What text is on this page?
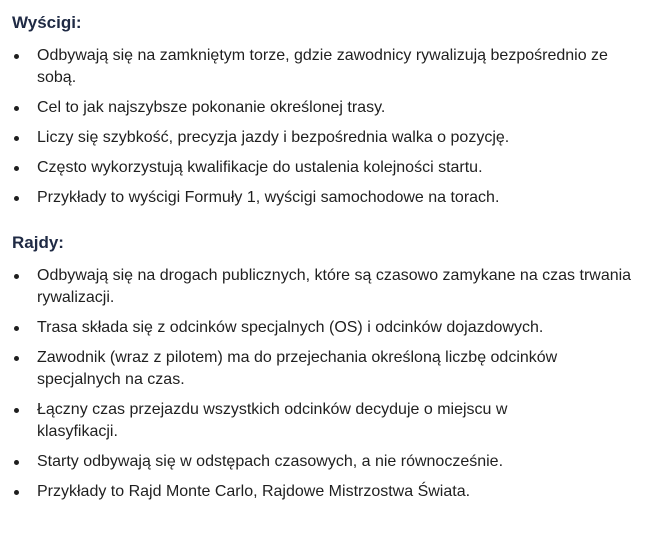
Wyścigi:
Odbywają się na zamkniętym torze, gdzie zawodnicy rywalizują bezpośrednio ze sobą.
Cel to jak najszybsze pokonanie określonej trasy.
Liczy się szybkość, precyzja jazdy i bezpośrednia walka o pozycję.
Często wykorzystują kwalifikacje do ustalenia kolejności startu.
Przykłady to wyścigi Formuły 1, wyścigi samochodowe na torach.
Rajdy:
Odbywają się na drogach publicznych, które są czasowo zamykane na czas trwania rywalizacji.
Trasa składa się z odcinków specjalnych (OS) i odcinków dojazdowych.
Zawodnik (wraz z pilotem) ma do przejechania określoną liczbę odcinków specjalnych na czas.
Łączny czas przejazdu wszystkich odcinków decyduje o miejscu w klasyfikacji.
Starty odbywają się w odstępach czasowych, a nie równocześnie.
Przykłady to Rajd Monte Carlo, Rajdowe Mistrzostwa Świata.
